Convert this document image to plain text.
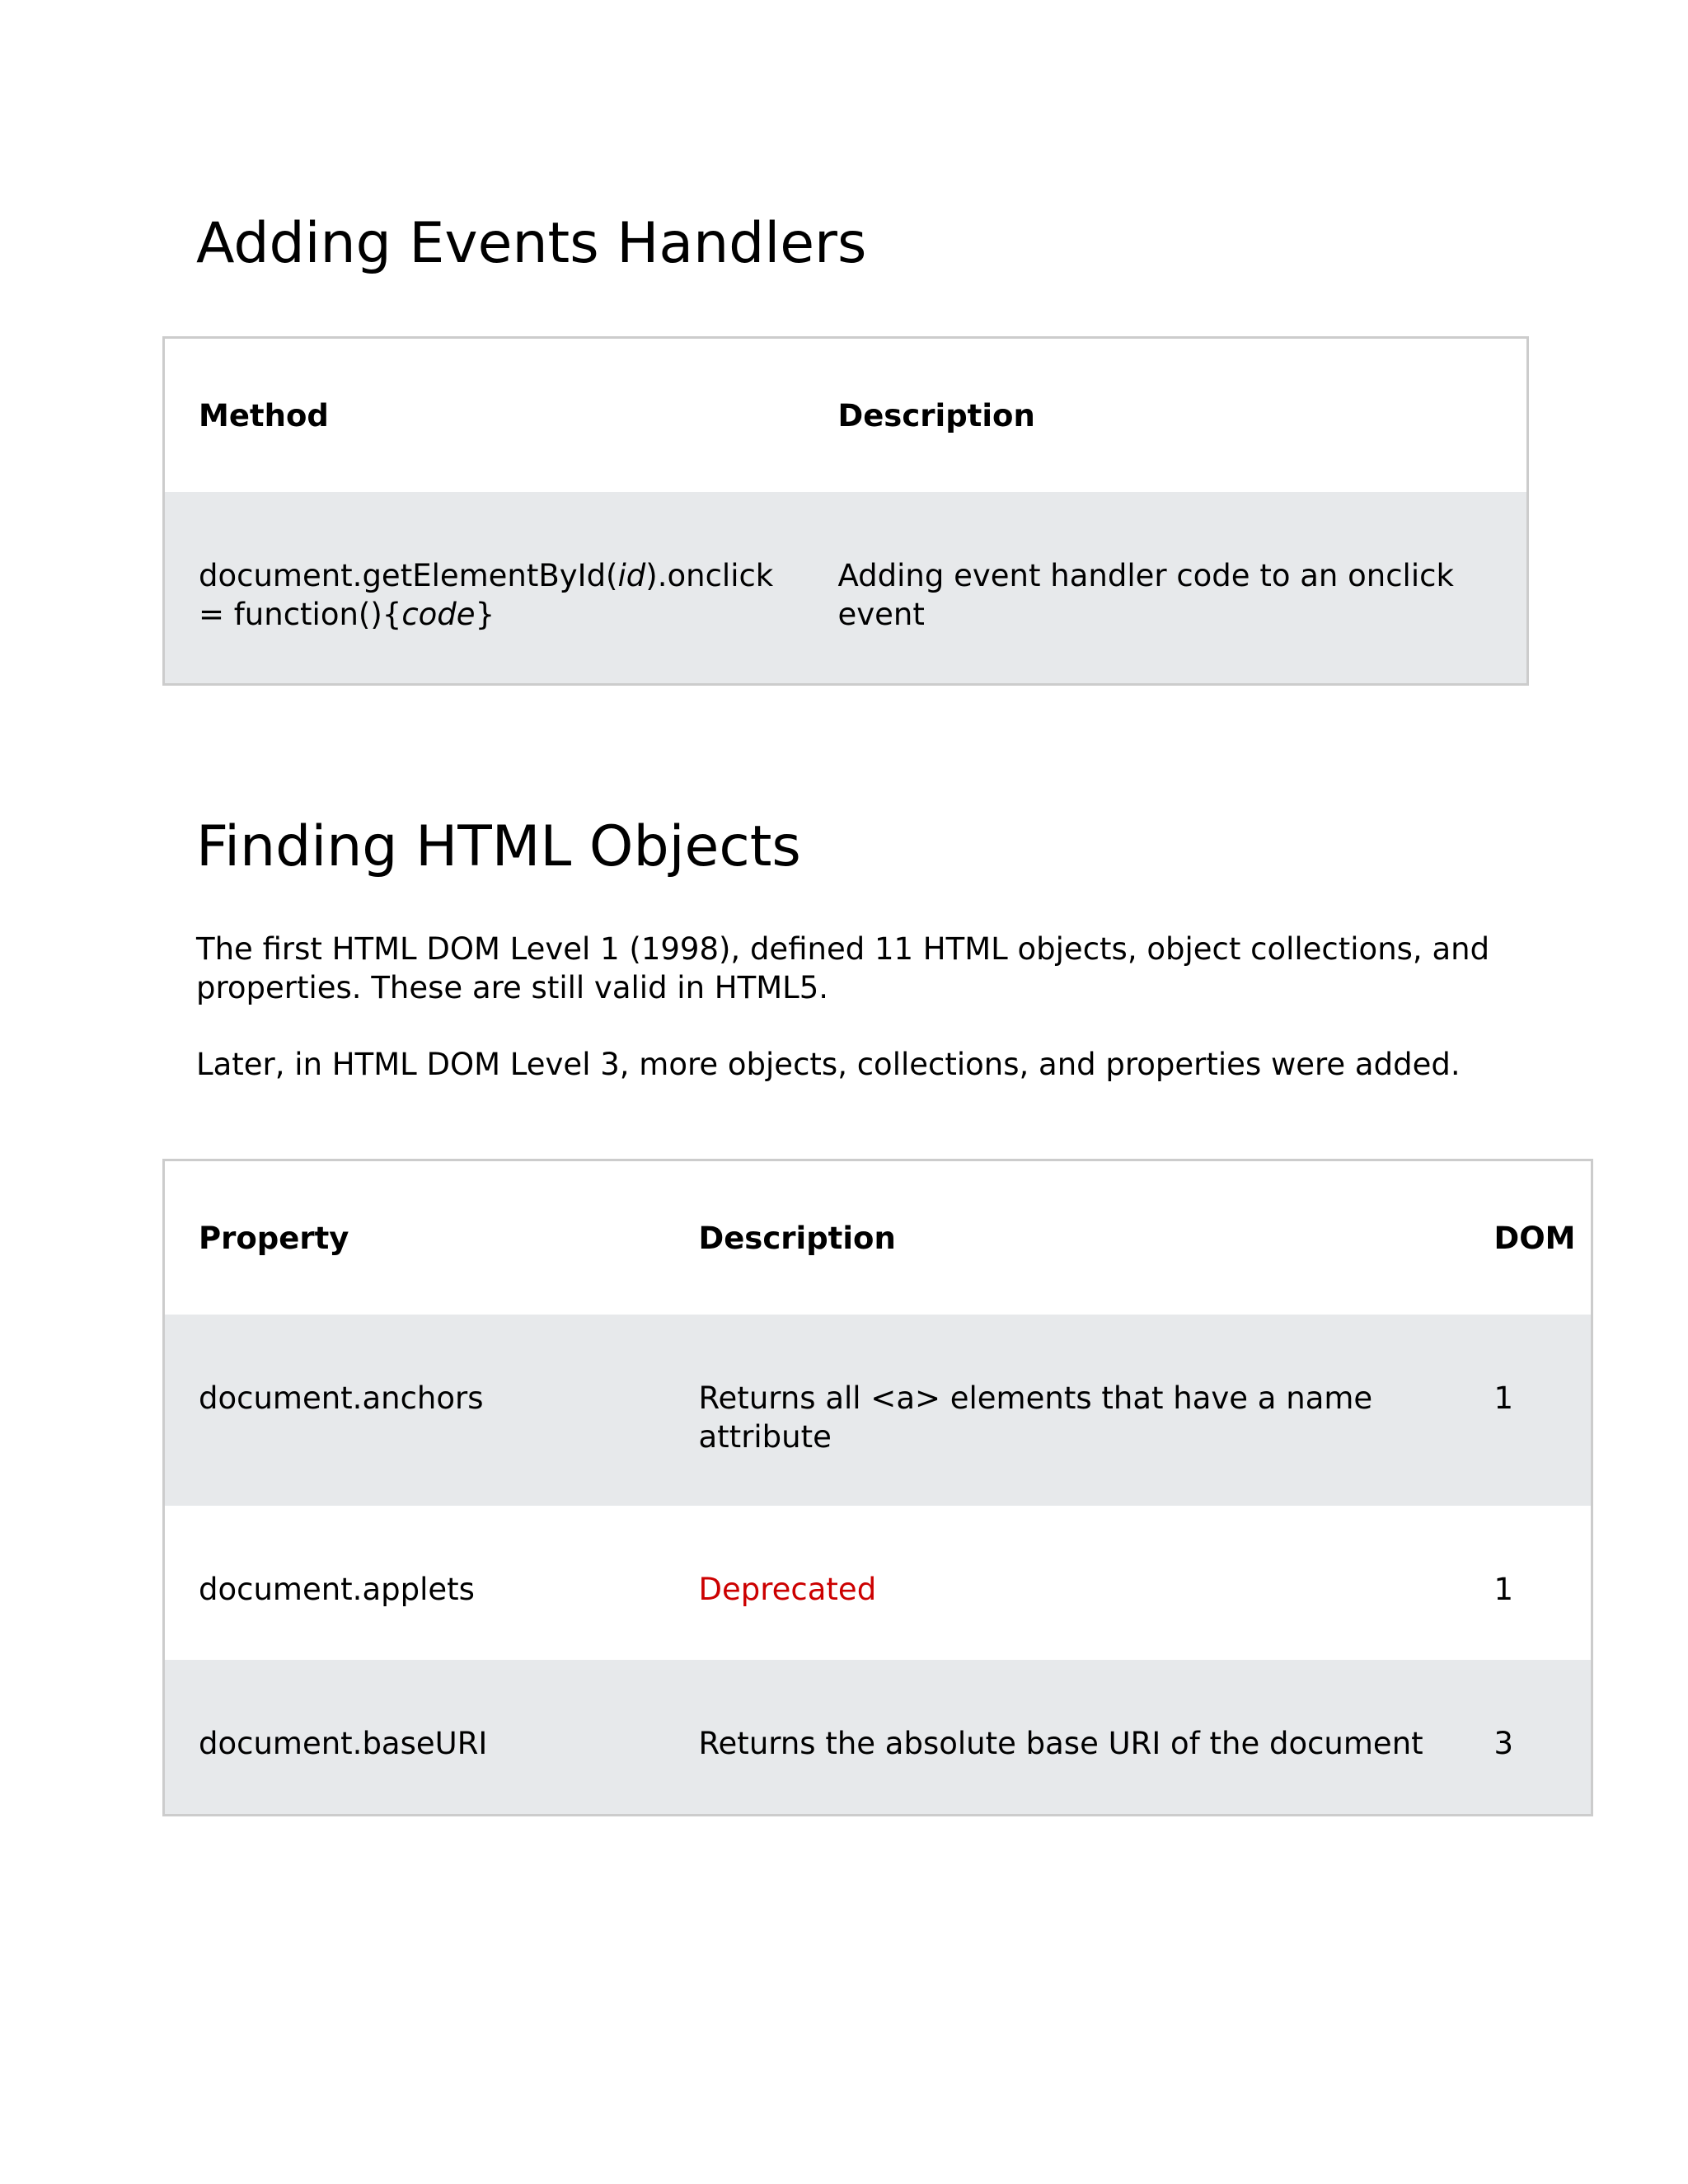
Adding Events Handlers
Method	Description
document.getElementById(id).onclick = function(){code}	Adding event handler code to an onclick event
Finding HTML Objects

The first HTML DOM Level 1 (1998), defined 11 HTML objects, object collections, and properties. These are still valid in HTML5.

Later, in HTML DOM Level 3, more objects, collections, and properties were added.

Property	Description	DOM
document.anchors	Returns all <a> elements that have a name attribute	1
document.applets	Deprecated	1
document.baseURI	Returns the absolute base URI of the document	3
